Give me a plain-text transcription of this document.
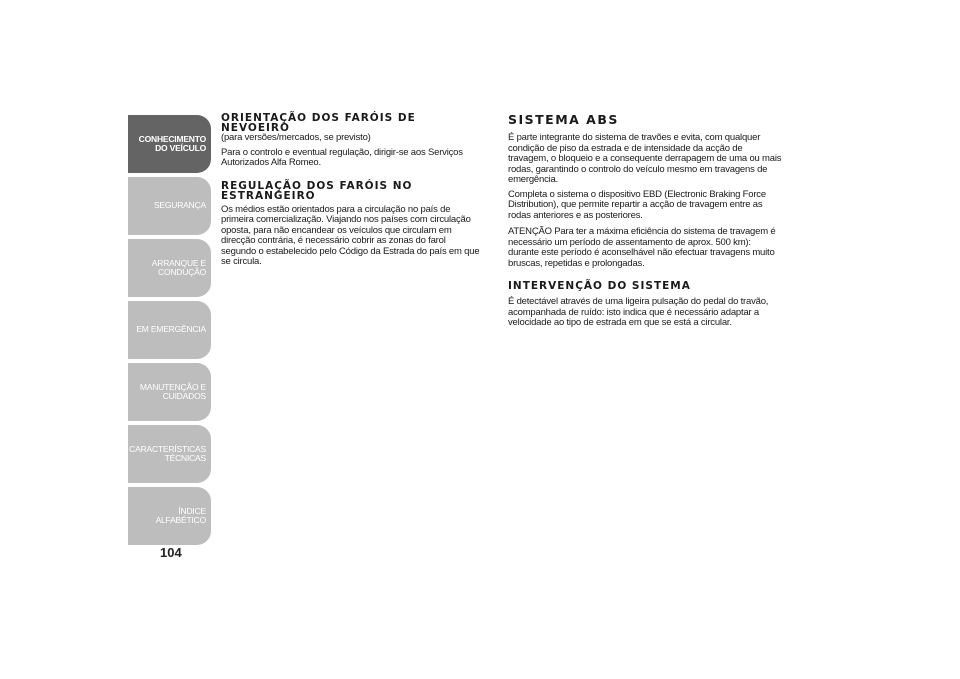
CONHECIMENTO
DO VEÍCULO
SEGURANÇA
ARRANQUE E
CONDUÇÃO
EM EMERGÊNCIA
MANUTENÇÃO E
CUIDADOS
CARACTERÍSTICAS
TÉCNICAS
ÍNDICE ALFABÉTICO
104
ORIENTAÇÃO DOS FARÓIS DE NEVOEIRO

(para versões/mercados, se previsto)

Para o controlo e eventual regulação, dirigir-se aos Serviços Autorizados Alfa Romeo.

REGULAÇÃO DOS FARÓIS NO ESTRANGEIRO

Os médios estão orientados para a circulação no país de primeira comercialização. Viajando nos países com circulação oposta, para não encandear os veículos que circulam em direcção contrária, é necessário cobrir as zonas do farol segundo o estabelecido pelo Código da Estrada do país em que se circula.

SISTEMA ABS

É parte integrante do sistema de travões e evita, com qualquer condição de piso da estrada e de intensidade da acção de travagem, o bloqueio e a consequente derrapagem de uma ou mais rodas, garantindo o controlo do veículo mesmo em travagens de emergência.

Completa o sistema o dispositivo EBD (Electronic Braking Force Distribution), que permite repartir a acção de travagem entre as rodas anteriores e as posteriores.

ATENÇÃO Para ter a máxima eficiência do sistema de travagem é necessário um período de assentamento de aprox. 500 km): durante este período é aconselhável não efectuar travagens muito bruscas, repetidas e prolongadas.

INTERVENÇÃO DO SISTEMA

É detectável através de uma ligeira pulsação do pedal do travão, acompanhada de ruído: isto indica que é necessário adaptar a velocidade ao tipo de estrada em que se está a circular.
